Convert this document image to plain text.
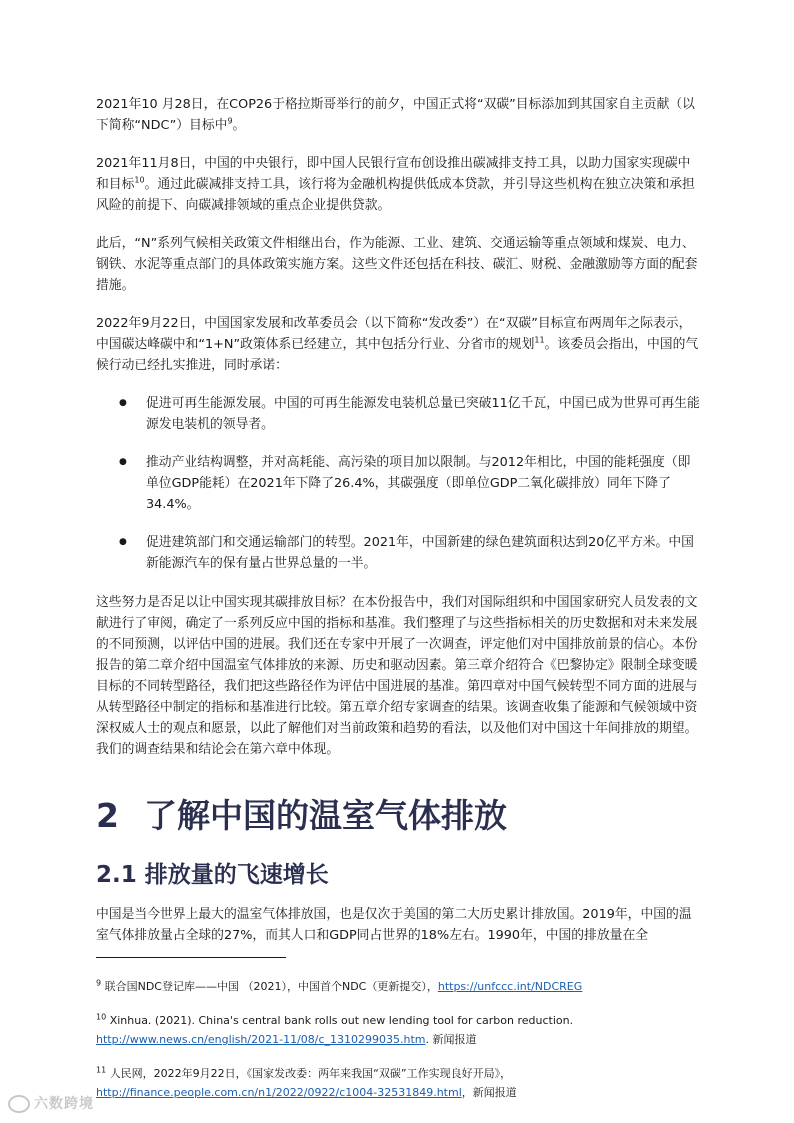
2021年10 月28日，在COP26于格拉斯哥举行的前夕，中国正式将“双碳”目标添加到其国家自主贡献（以下简称“NDC”）目标中$^9$。

2021年11月8日，中国的中央银行，即中国人民银行宣布创设推出碳减排支持工具，以助力国家实现碳中和目标$^{10}$。通过此碳减排支持工具，该行将为金融机构提供低成本贷款，并引导这些机构在独立决策和承担风险的前提下、向碳减排领域的重点企业提供贷款。

此后，“N”系列气候相关政策文件相继出台，作为能源、工业、建筑、交通运输等重点领域和煤炭、电力、钢铁、水泥等重点部门的具体政策实施方案。这些文件还包括在科技、碳汇、财税、金融激励等方面的配套措施。

2022年9月22日，中国国家发展和改革委员会（以下简称“发改委”）在“双碳”目标宣布两周年之际表示，中国碳达峰碳中和“1+N”政策体系已经建立，其中包括分行业、分省市的规划$^{11}$。该委员会指出，中国的气候行动已经扎实推进，同时承诺：

● 促进可再生能源发展。中国的可再生能源发电装机总量已突破11亿千瓦，中国已成为世界可再生能源发电装机的领导者。
● 推动产业结构调整，并对高耗能、高污染的项目加以限制。与2012年相比，中国的能耗强度（即单位GDP能耗）在2021年下降了26.4%，其碳强度（即单位GDP二氧化碳排放）同年下降了34.4%。
● 促进建筑部门和交通运输部门的转型。2021年，中国新建的绿色建筑面积达到20亿平方米。中国新能源汽车的保有量占世界总量的一半。

这些努力是否足以让中国实现其碳排放目标？在本份报告中，我们对国际组织和中国国家研究人员发表的文献进行了审阅，确定了一系列反应中国的指标和基准。我们整理了与这些指标相关的历史数据和对未来发展的不同预测，以评估中国的进展。我们还在专家中开展了一次调查，评定他们对中国排放前景的信心。本份报告的第二章介绍中国温室气体排放的来源、历史和驱动因素。第三章介绍符合《巴黎协定》限制全球变暖目标的不同转型路径，我们把这些路径作为评估中国进展的基准。第四章对中国气候转型不同方面的进展与从转型路径中制定的指标和基准进行比较。第五章介绍专家调查的结果。该调查收集了能源和气候领域中资深权威人士的观点和愿景，以此了解他们对当前政策和趋势的看法，以及他们对中国这十年间排放的期望。我们的调查结果和结论会在第六章中体现。

2 了解中国的温室气体排放
2.1 排放量的飞速增长

中国是当今世界上最大的温室气体排放国，也是仅次于美国的第二大历史累计排放国。2019年，中国的温室气体排放量占全球的27%，而其人口和GDP同占世界的18%左右。1990年，中国的排放量在全

$^9$ 联合国NDC登记库——中国 （2021），中国首个NDC（更新提交），https://unfccc.int/NDCREG
$^{10}$ Xinhua. (2021). China's central bank rolls out new lending tool for carbon reduction.
http://www.news.cn/english/2021-11/08/c_1310299035.htm. 新闻报道
$^{11}$ 人民网，2022年9月22日，《国家发改委：两年来我国“双碳”工作实现良好开局》，
http://finance.people.com.cn/n1/2022/0922/c1004-32531849.html，新闻报道
六数跨境
